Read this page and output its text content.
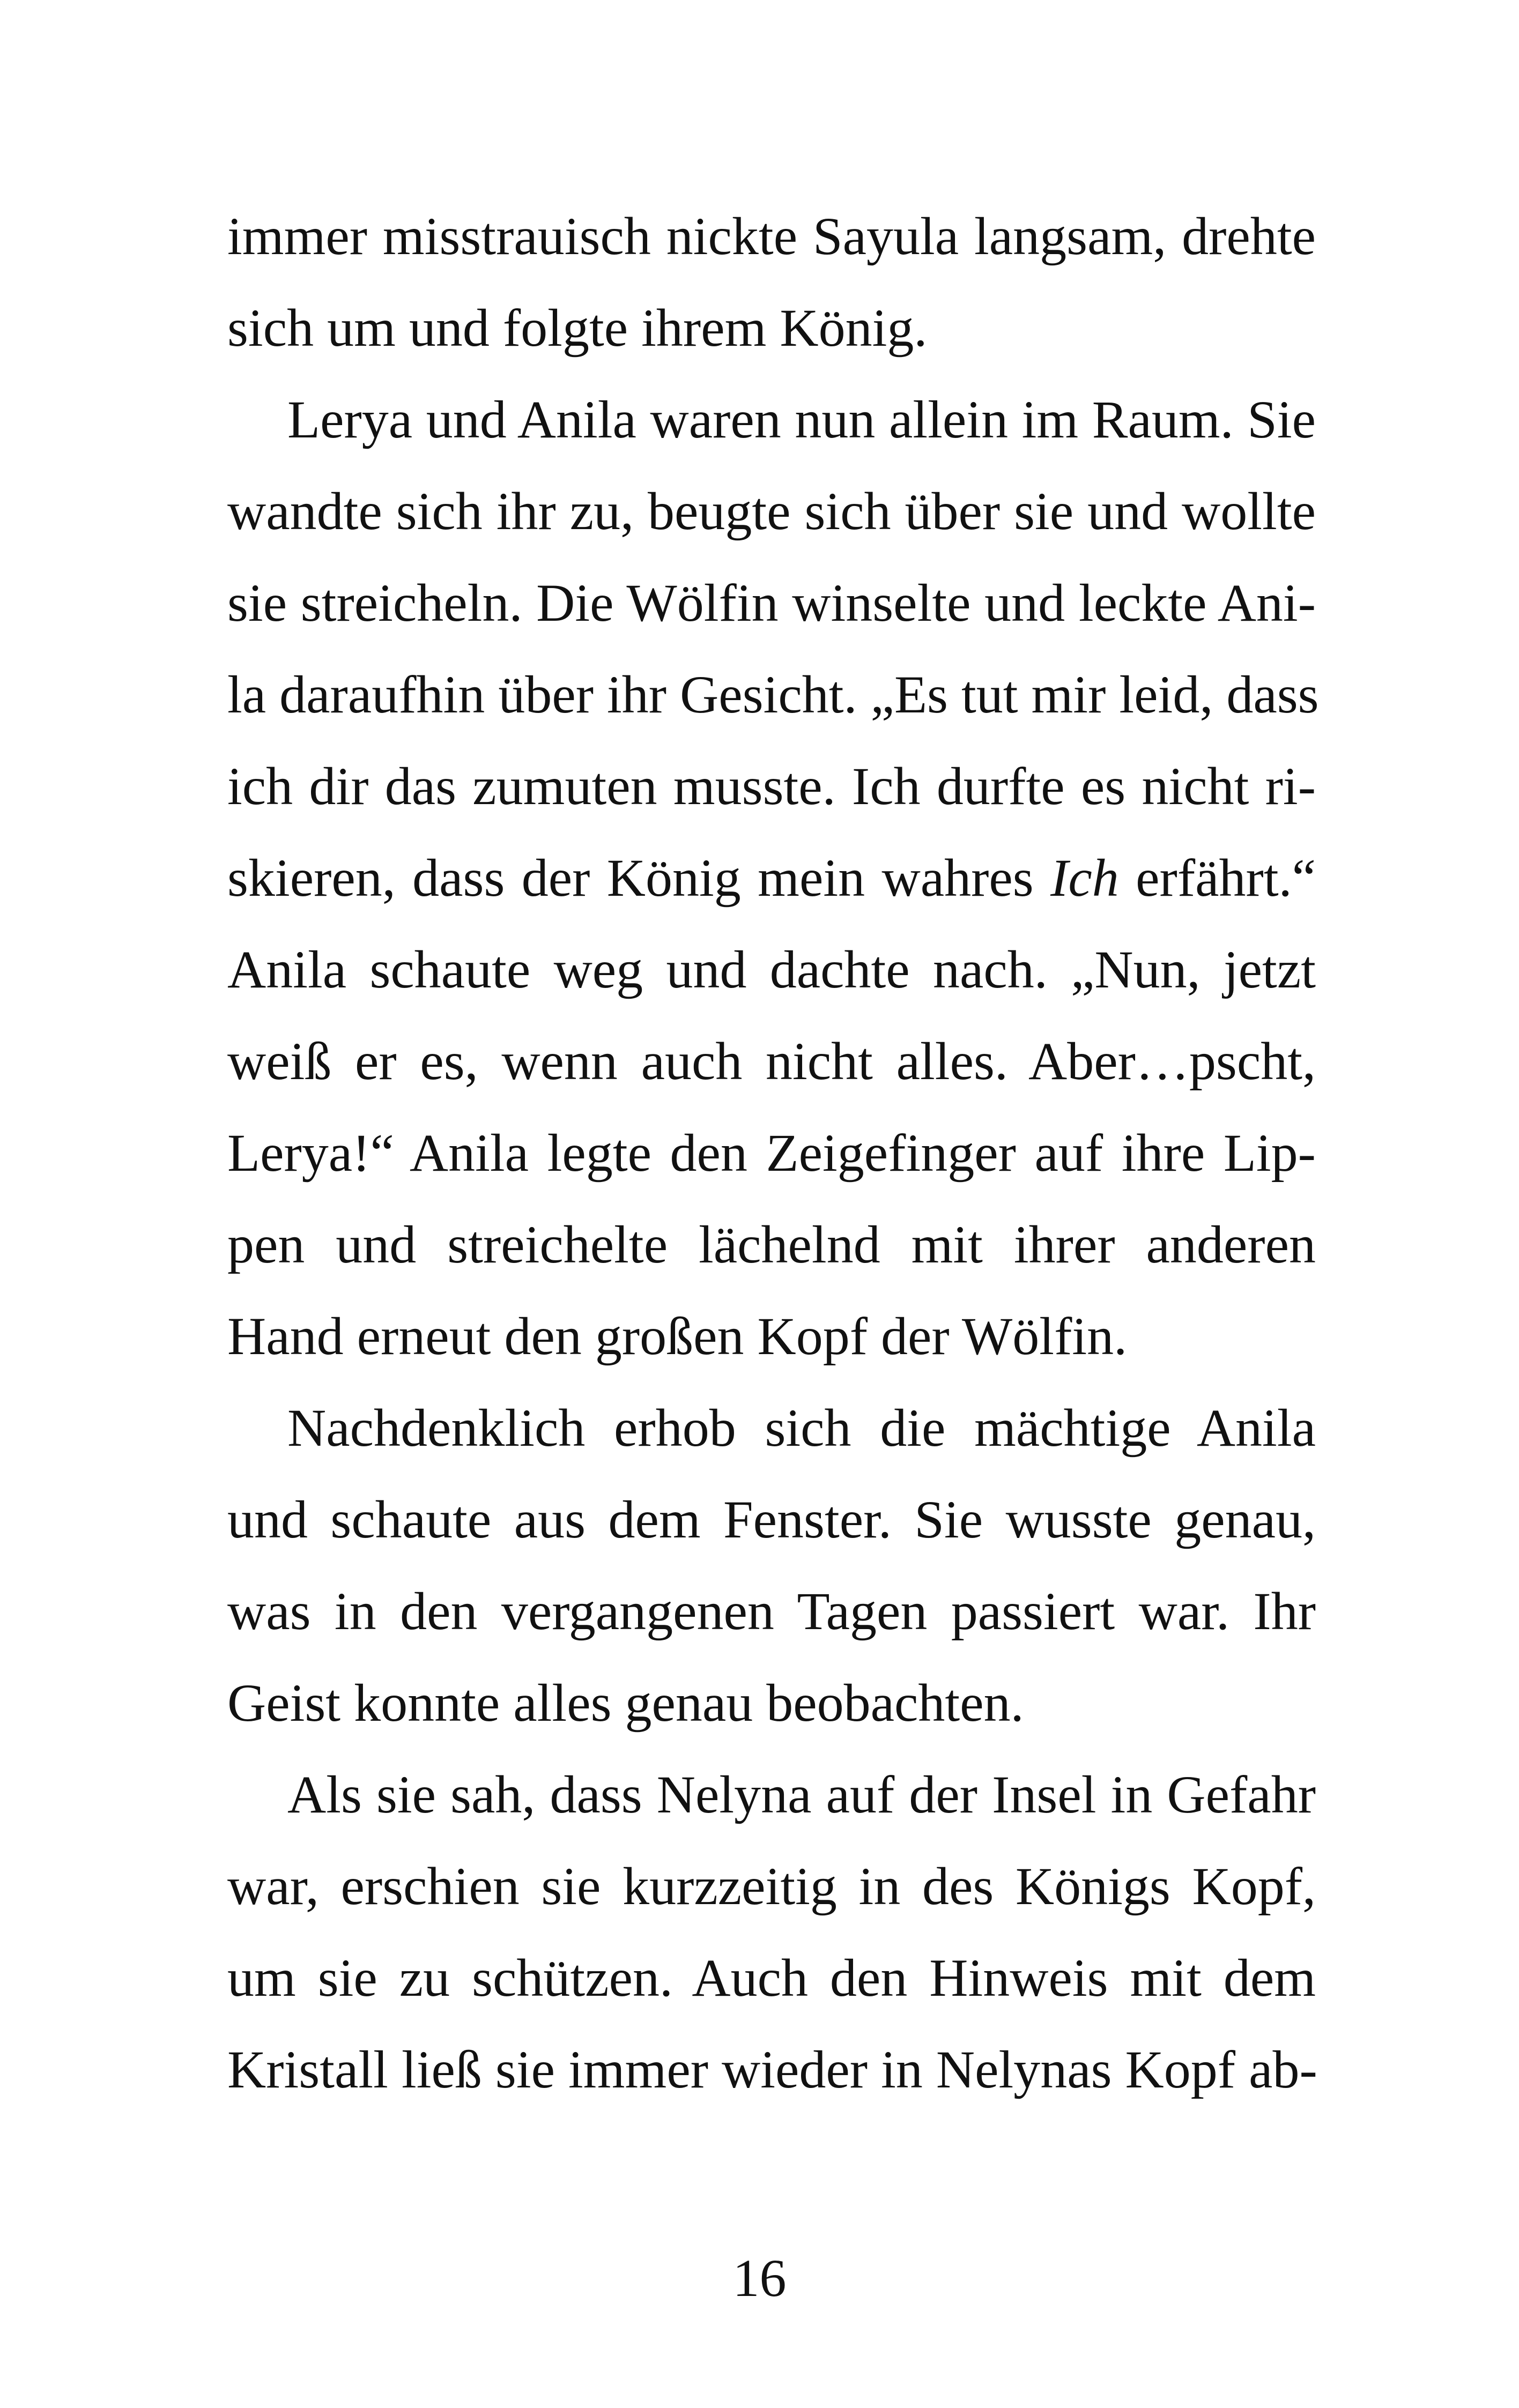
immer misstrauisch nickte Sayula langsam, drehte
sich um und folgte ihrem König.
Lerya und Anila waren nun allein im Raum. Sie
wandte sich ihr zu, beugte sich über sie und wollte
sie streicheln. Die Wölfin winselte und leckte Ani-
la daraufhin über ihr Gesicht. „Es tut mir leid, dass
ich dir das zumuten musste. Ich durfte es nicht ri-
skieren, dass der König mein wahres Ich erfährt.“
Anila schaute weg und dachte nach. „Nun, jetzt
weiß er es, wenn auch nicht alles. Aber…pscht,
Lerya!“ Anila legte den Zeigefinger auf ihre Lip-
pen und streichelte lächelnd mit ihrer anderen
Hand erneut den großen Kopf der Wölfin.
Nachdenklich erhob sich die mächtige Anila
und schaute aus dem Fenster. Sie wusste genau,
was in den vergangenen Tagen passiert war. Ihr
Geist konnte alles genau beobachten.
Als sie sah, dass Nelyna auf der Insel in Gefahr
war, erschien sie kurzzeitig in des Königs Kopf,
um sie zu schützen. Auch den Hinweis mit dem
Kristall ließ sie immer wieder in Nelynas Kopf ab-
16
